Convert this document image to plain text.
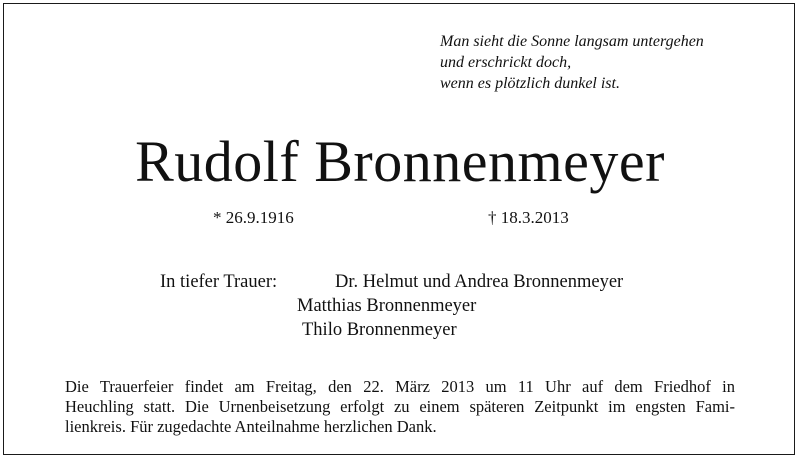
Man sieht die Sonne langsam untergehen
und erschrickt doch,
wenn es plötzlich dunkel ist.
Rudolf Bronnenmeyer
* 26.9.1916	† 18.3.2013
In tiefer Trauer:	Dr. Helmut und Andrea Bronnenmeyer
Matthias Bronnenmeyer
Thilo Bronnenmeyer
Die Trauerfeier findet am Freitag, den 22. März 2013 um 11 Uhr auf dem Friedhof in
Heuchling statt. Die Urnenbeisetzung erfolgt zu einem späteren Zeitpunkt im engsten Fami-
lienkreis. Für zugedachte Anteilnahme herzlichen Dank.
